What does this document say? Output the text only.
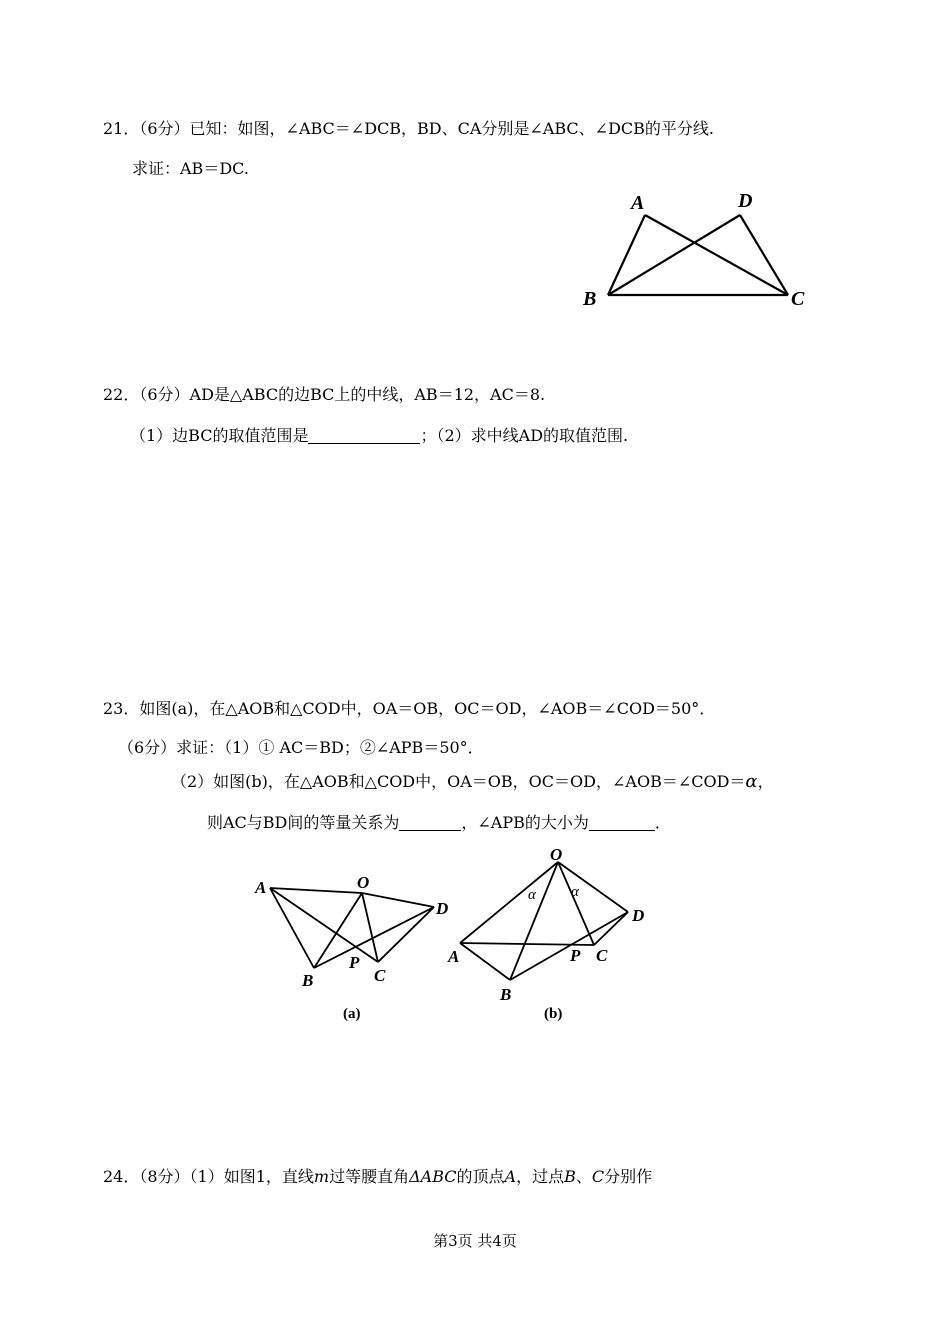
21．（6分）已知：如图，∠ABC＝∠DCB，BD、CA分别是∠ABC、∠DCB的平分线.
求证：AB＝DC.
A	D
B	C
22．（6分）AD是△ABC的边BC上的中线，AB＝12，AC＝8.
（1）边BC的取值范围是	；（2）求中线AD的取值范围.
23．如图(a)，在△AOB和△COD中，OA＝OB，OC＝OD，∠AOB＝∠COD＝50°．
（6分）求证：（1）① AC＝BD；②∠APB＝50°．
（2）如图(b)，在△AOB和△COD中，OA＝OB，OC＝OD，∠AOB＝∠COD＝α，
则AC与BD间的等量关系为	，∠APB的大小为	．
A	O
D
B
P
C
(a)
O
α α
D
A	P C
B
(b)
24．（8分）（1）如图1，直线m过等腰直角ΔABC的顶点A，过点B、C分别作
第3页 共4页
